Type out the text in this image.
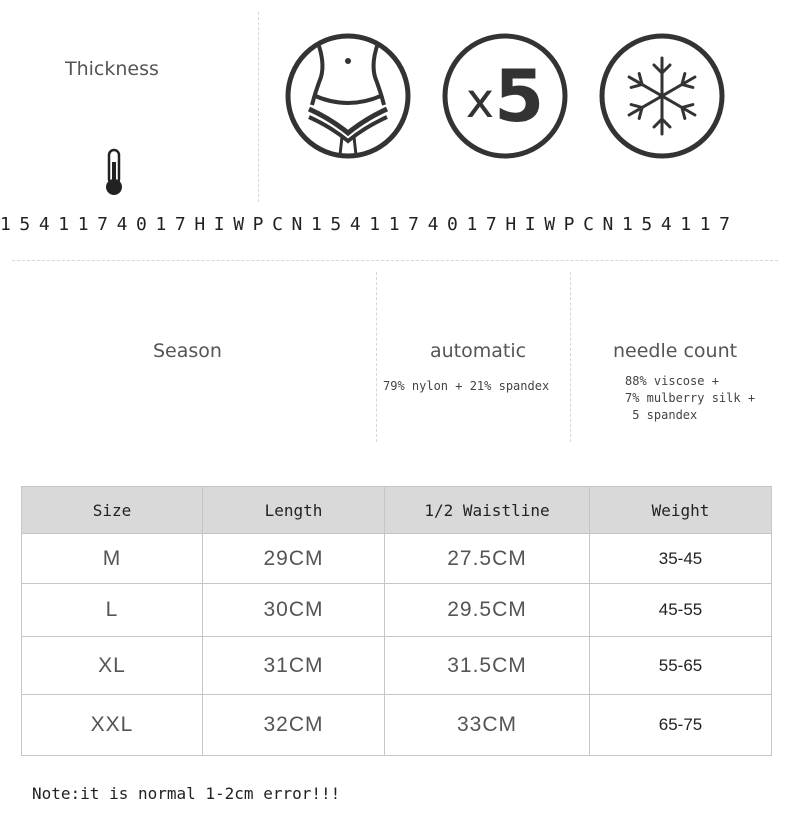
Thickness
x 5
1541174017HIWPCN1541174017HIWPCN154117
Season	automatic
79% nylon + 21% spandex
needle count
88% viscose +
7% mulberry silk +
5 spandex
Size	Length	1/2 Waistline	Weight
M	29CM	27.5CM	35-45
L	30CM	29.5CM	45-55
XL	31CM	31.5CM	55-65
XXL	32CM	33CM	65-75
Note:it is normal 1-2cm error!!!
